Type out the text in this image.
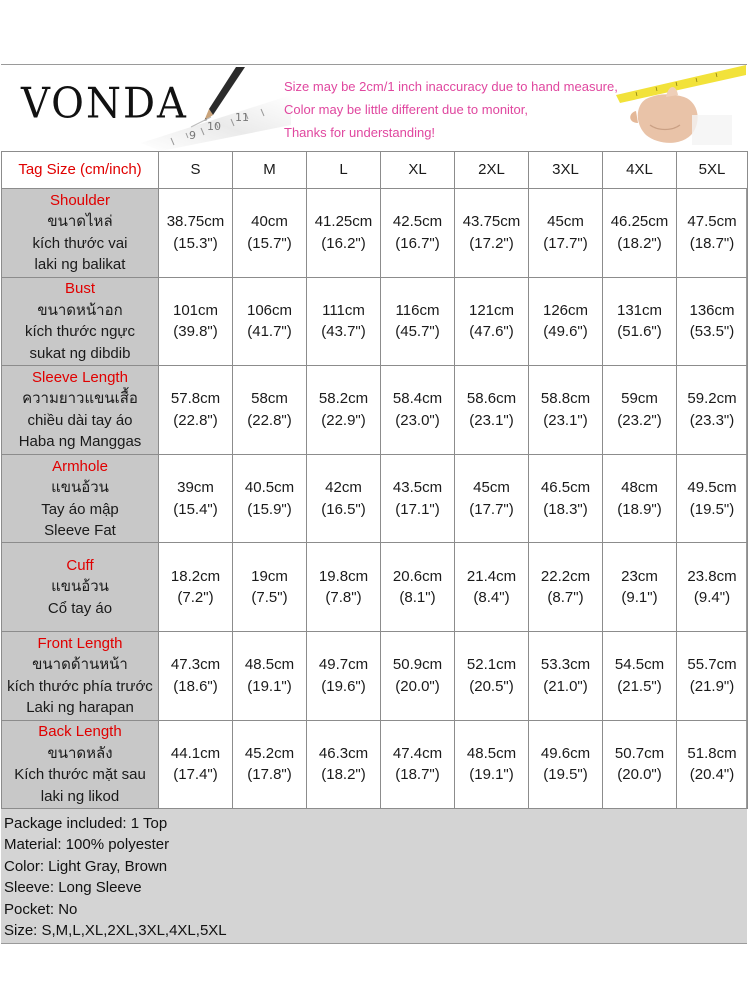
VONDA
9
10
11
Size may be 2cm/1 inch inaccuracy due to hand measure,
Color may be little different due to monitor,
Thanks for understanding!
Tag Size (cm/inch)	S	M	L	XL	2XL	3XL	4XL	5XL

Shoulder
ขนาดไหล่
kích thước vai
laki ng balikat	38.75cm
(15.3")	40cm
(15.7")	41.25cm
(16.2")	42.5cm
(16.7")	43.75cm
(17.2")	45cm
(17.7")	46.25cm
(18.2")	47.5cm
(18.7")

Bust
ขนาดหน้าอก
kích thước ngực
sukat ng dibdib	101cm
(39.8")	106cm
(41.7")	111cm
(43.7")	116cm
(45.7")	121cm
(47.6")	126cm
(49.6")	131cm
(51.6")	136cm
(53.5")

Sleeve Length
ความยาวแขนเสื้อ
chiều dài tay áo
Haba ng Manggas	57.8cm
(22.8")	58cm
(22.8")	58.2cm
(22.9")	58.4cm
(23.0")	58.6cm
(23.1")	58.8cm
(23.1")	59cm
(23.2")	59.2cm
(23.3")

Armhole
แขนอ้วน
Tay áo mập
Sleeve Fat	39cm
(15.4")	40.5cm
(15.9")	42cm
(16.5")	43.5cm
(17.1")	45cm
(17.7")	46.5cm
(18.3")	48cm
(18.9")	49.5cm
(19.5")

Cuff
แขนอ้วน
Cổ tay áo	18.2cm
(7.2")	19cm
(7.5")	19.8cm
(7.8")	20.6cm
(8.1")	21.4cm
(8.4")	22.2cm
(8.7")	23cm
(9.1")	23.8cm
(9.4")

Front Length
ขนาดด้านหน้า
kích thước phía trước
Laki ng harapan	47.3cm
(18.6")	48.5cm
(19.1")	49.7cm
(19.6")	50.9cm
(20.0")	52.1cm
(20.5")	53.3cm
(21.0")	54.5cm
(21.5")	55.7cm
(21.9")

Back Length
ขนาดหลัง
Kích thước mặt sau
laki ng likod	44.1cm
(17.4")	45.2cm
(17.8")	46.3cm
(18.2")	47.4cm
(18.7")	48.5cm
(19.1")	49.6cm
(19.5")	50.7cm
(20.0")	51.8cm
(20.4")
Package included: 1 Top
Material: 100% polyester
Color: Light Gray, Brown
Sleeve: Long Sleeve
Pocket: No
Size: S,M,L,XL,2XL,3XL,4XL,5XL
